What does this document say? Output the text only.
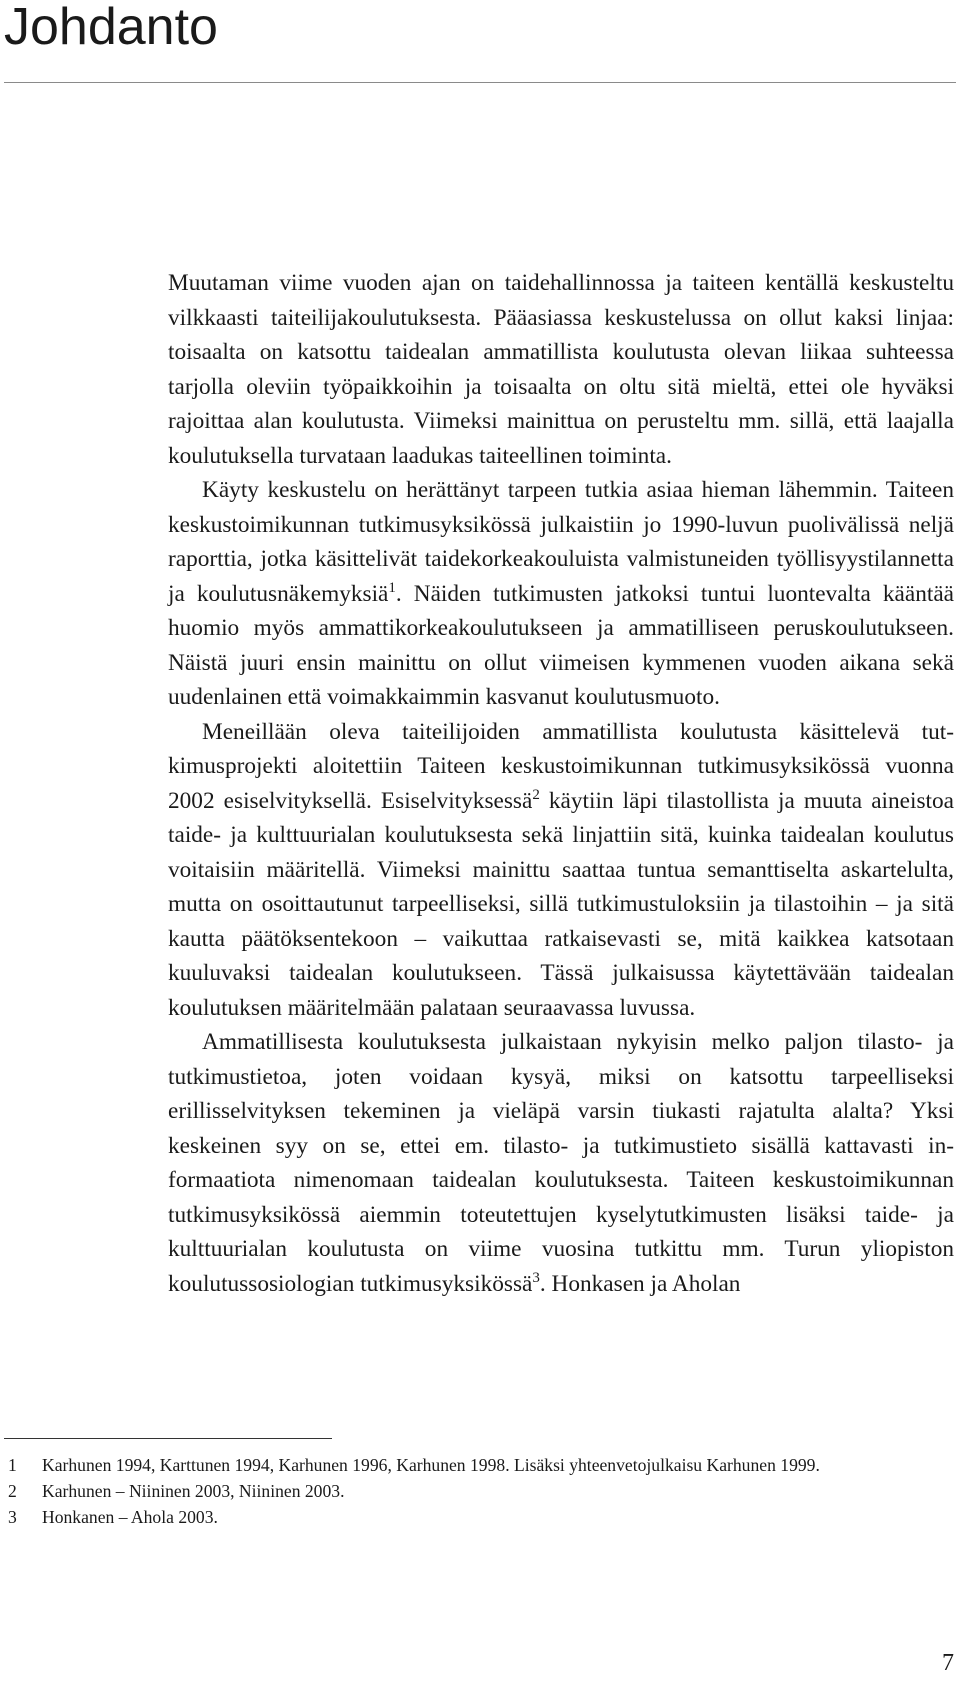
Johdanto

Muutaman viime vuoden ajan on taidehallinnossa ja taiteen kentällä keskusteltu vilkkaasti taiteilijakoulutuksesta. Pääasiassa keskustelussa on ollut kaksi linjaa: toisaalta on katsottu taidealan ammatillista koulutusta olevan liikaa suhteessa tarjolla oleviin työpaikkoihin ja toisaalta on oltu sitä mieltä, ettei ole hyväksi rajoittaa alan koulutusta. Viimeksi mainittua on perusteltu mm. sillä, että laajalla koulutuksella turvataan laadukas taiteellinen toiminta.

Käyty keskustelu on herättänyt tarpeen tutkia asiaa hieman lähemmin. Taiteen keskustoimikunnan tutkimusyksikössä julkaistiin jo 1990-luvun puolivälissä neljä raporttia, jotka käsittelivät taidekorkeakouluista valmistuneiden työllisyystilannetta ja koulutusnäkemyksiä$^1$. Näiden tutkimusten jatkoksi tuntui luontevalta kääntää huomio myös ammattikorkeakoulutukseen ja ammatilliseen peruskoulutukseen. Näistä juuri ensin mainittu on ollut viimeisen kymmenen vuoden aikana sekä uudenlainen että voimakkaimmin kasvanut koulutusmuoto.

Meneillään oleva taiteilijoiden ammatillista koulutusta käsittelevä tutkimusprojekti aloitettiin Taiteen keskustoimikunnan tutkimusyksikössä vuonna 2002 esiselvityksellä. Esiselvityksessä$^2$ käytiin läpi tilastollista ja muuta aineistoa taide- ja kulttuurialan koulutuksesta sekä linjattiin sitä, kuinka taidealan koulutus voitaisiin määritellä. Viimeksi mainittu saattaa tuntua semanttiselta askartelulta, mutta on osoittautunut tarpeelliseksi, sillä tutkimustuloksiin ja tilastoihin – ja sitä kautta päätöksentekoon – vaikuttaa ratkaisevasti se, mitä kaikkea katsotaan kuuluvaksi taidealan koulutukseen. Tässä julkaisussa käytettävään taidealan koulutuksen määritelmään palataan seuraavassa luvussa.

Ammatillisesta koulutuksesta julkaistaan nykyisin melko paljon tilasto- ja tutkimustietoa, joten voidaan kysyä, miksi on katsottu tarpeelliseksi erillisselvityksen tekeminen ja vieläpä varsin tiukasti rajatulta alalta? Yksi keskeinen syy on se, ettei em. tilasto- ja tutkimustieto sisällä kattavasti informaatiota nimenomaan taidealan koulutuksesta. Taiteen keskustoimikunnan tutkimusyksikössä aiemmin toteutettujen kyselytutkimusten lisäksi taide- ja kulttuurialan koulutusta on viime vuosina tutkittu mm. Turun yliopiston koulutussosiologian tutkimusyksikössä$^3$. Honkasen ja Aholan

1 Karhunen 1994, Karttunen 1994, Karhunen 1996, Karhunen 1998. Lisäksi yhteenvetojulkaisu Karhunen 1999.
2 Karhunen – Niininen 2003, Niininen 2003.
3 Honkanen – Ahola 2003.
7
